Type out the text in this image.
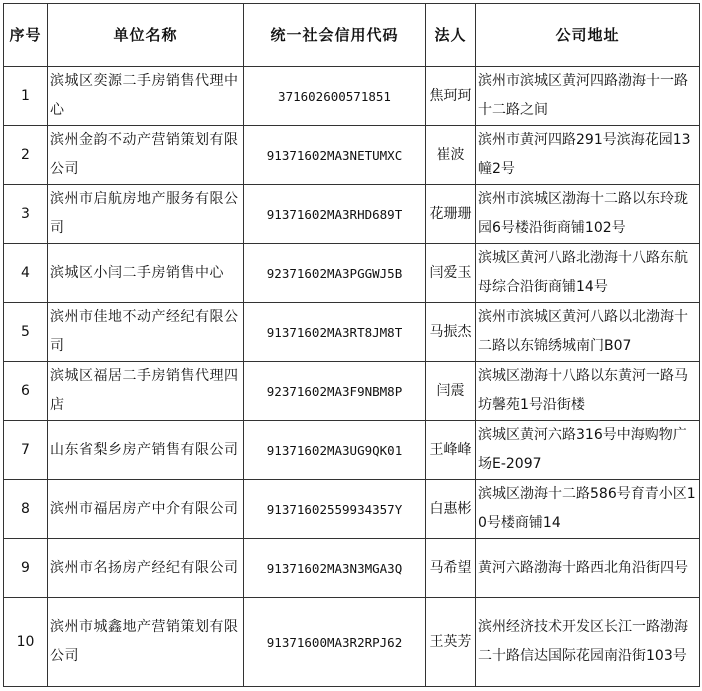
序号	单位名称	统一社会信用代码	法人	公司地址
1	滨城区奕源二手房销售代理中心	371602600571851	焦珂珂	滨州市滨城区黄河四路渤海十一路十二路之间
2	滨州金韵不动产营销策划有限公司	91371602MA3NETUMXC	崔波	滨州市黄河四路291号滨海花园13幢2号
3	滨州市启航房地产服务有限公司	91371602MA3RHD689T	花珊珊	滨州市滨城区渤海十二路以东玲珑园6号楼沿街商铺102号
4	滨城区小闫二手房销售中心	92371602MA3PGGWJ5B	闫爱玉	滨城区黄河八路北渤海十八路东航母综合沿街商铺14号
5	滨州市佳地不动产经纪有限公司	91371602MA3RT8JM8T	马振杰	滨州市滨城区黄河八路以北渤海十二路以东锦绣城南门B07
6	滨城区福居二手房销售代理四店	92371602MA3F9NBM8P	闫震	滨城区渤海十八路以东黄河一路马坊馨苑1号沿街楼
7	山东省梨乡房产销售有限公司	91371602MA3UG9QK01	王峰峰	滨城区黄河六路316号中海购物广场E-2097
8	滨州市福居房产中介有限公司	91371602559934357Y	白惠彬	滨城区渤海十二路586号育青小区10号楼商铺14
9	滨州市名扬房产经纪有限公司	91371602MA3N3MGA3Q	马希望	黄河六路渤海十路西北角沿街四号
10	滨州市城鑫地产营销策划有限公司	91371600MA3R2RPJ62	王英芳	滨州经济技术开发区长江一路渤海二十路信达国际花园南沿街103号
